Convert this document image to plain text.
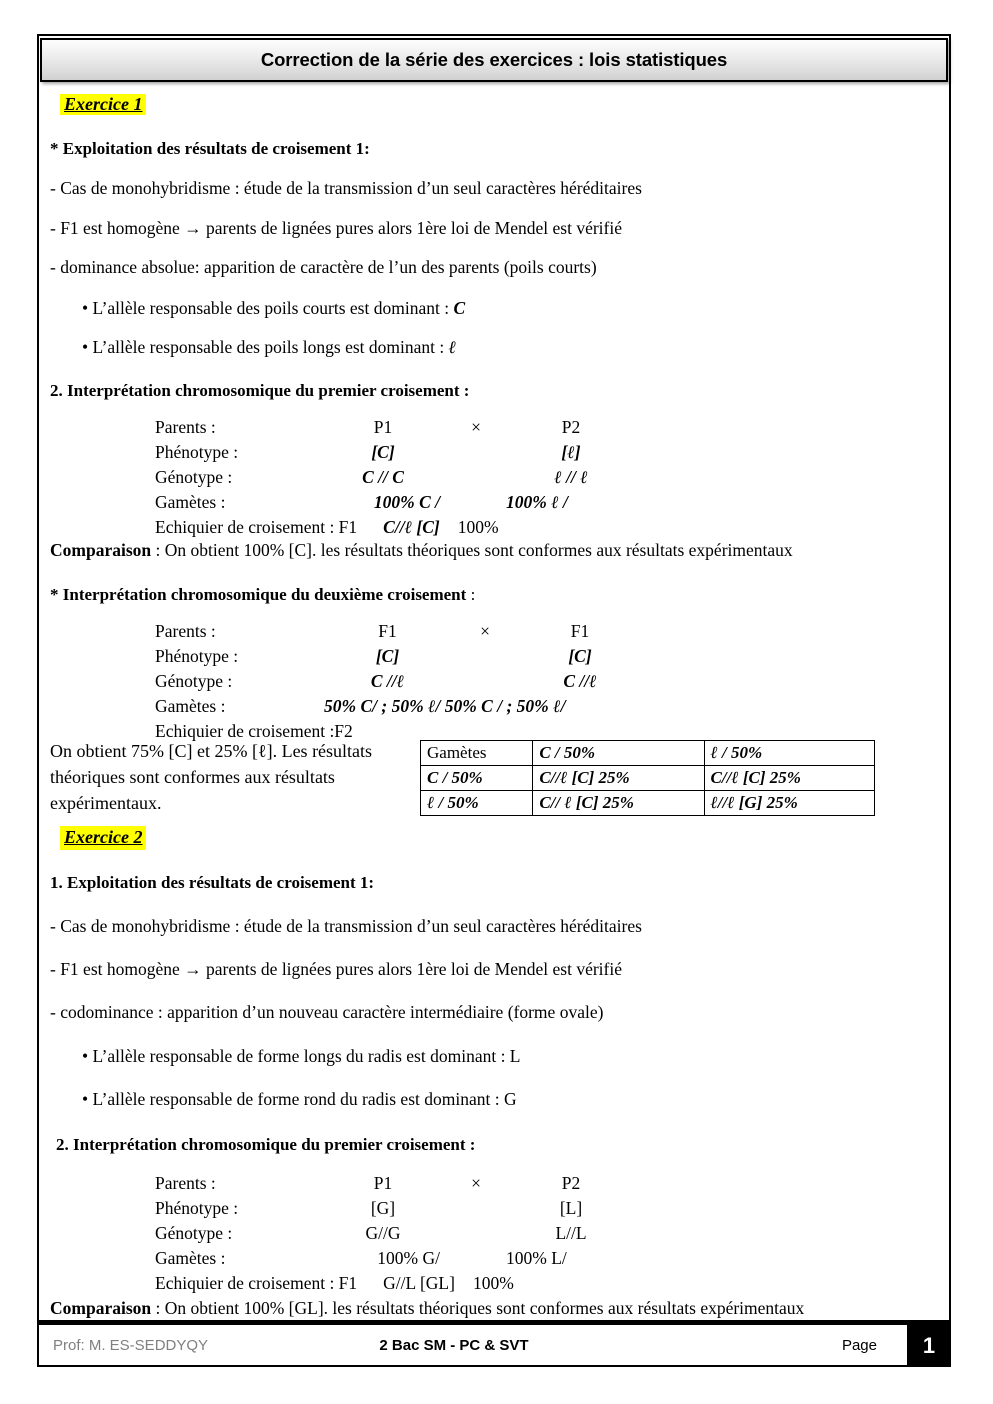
Correction de la série des exercices : lois statistiques
Exercice 1
* Exploitation des résultats de croisement 1:
- Cas de monohybridisme : étude de la transmission d’un seul caractères héréditaires
- F1 est homogène → parents de lignées pures alors 1ère loi de Mendel est vérifié
- dominance absolue: apparition de caractère de l’un des parents (poils courts)
• L’allèle responsable des poils courts est dominant : C
• L’allèle responsable des poils longs est dominant : ℓ
2. Interprétation chromosomique du premier croisement :
Parents :	P1	×	P2
Phénotype :	[C]		[ℓ]
Génotype :	C // C		ℓ // ℓ
Gamètes :	100% C /		100% ℓ /
Echiquier de croisement : F1 C//ℓ [C] 100%			
Comparaison : On obtient 100% [C]. les résultats théoriques sont conformes aux résultats expérimentaux
* Interprétation chromosomique du deuxième croisement :
Parents :	F1	×	F1
Phénotype :	[C]		[C]
Génotype :	C //ℓ		C //ℓ
Gamètes :	50% C/ ; 50% ℓ/ 50% C / ; 50% ℓ/		
Echiquier de croisement :F2			
On obtient 75% [C] et 25% [ℓ]. Les résultats théoriques sont conformes aux résultats expérimentaux.
Gamètes	C / 50%	ℓ / 50%
C / 50%	C//ℓ [C] 25%	C//ℓ [C] 25%
ℓ / 50%	C// ℓ [C] 25%	ℓ//ℓ [G] 25%
Exercice 2
1. Exploitation des résultats de croisement 1:
- Cas de monohybridisme : étude de la transmission d’un seul caractères héréditaires
- F1 est homogène → parents de lignées pures alors 1ère loi de Mendel est vérifié
- codominance : apparition d’un nouveau caractère intermédiaire (forme ovale)
• L’allèle responsable de forme longs du radis est dominant : L
• L’allèle responsable de forme rond du radis est dominant : G
2. Interprétation chromosomique du premier croisement :
Parents :	P1	×	P2
Phénotype :	[G]		[L]
Génotype :	G//G		L//L
Gamètes :	100% G/		100% L/
Echiquier de croisement : F1 G//L [GL] 100%			
Comparaison : On obtient 100% [GL]. les résultats théoriques sont conformes aux résultats expérimentaux
Prof: M. ES-SEDDYQY	2 Bac SM - PC & SVT	Page	1
